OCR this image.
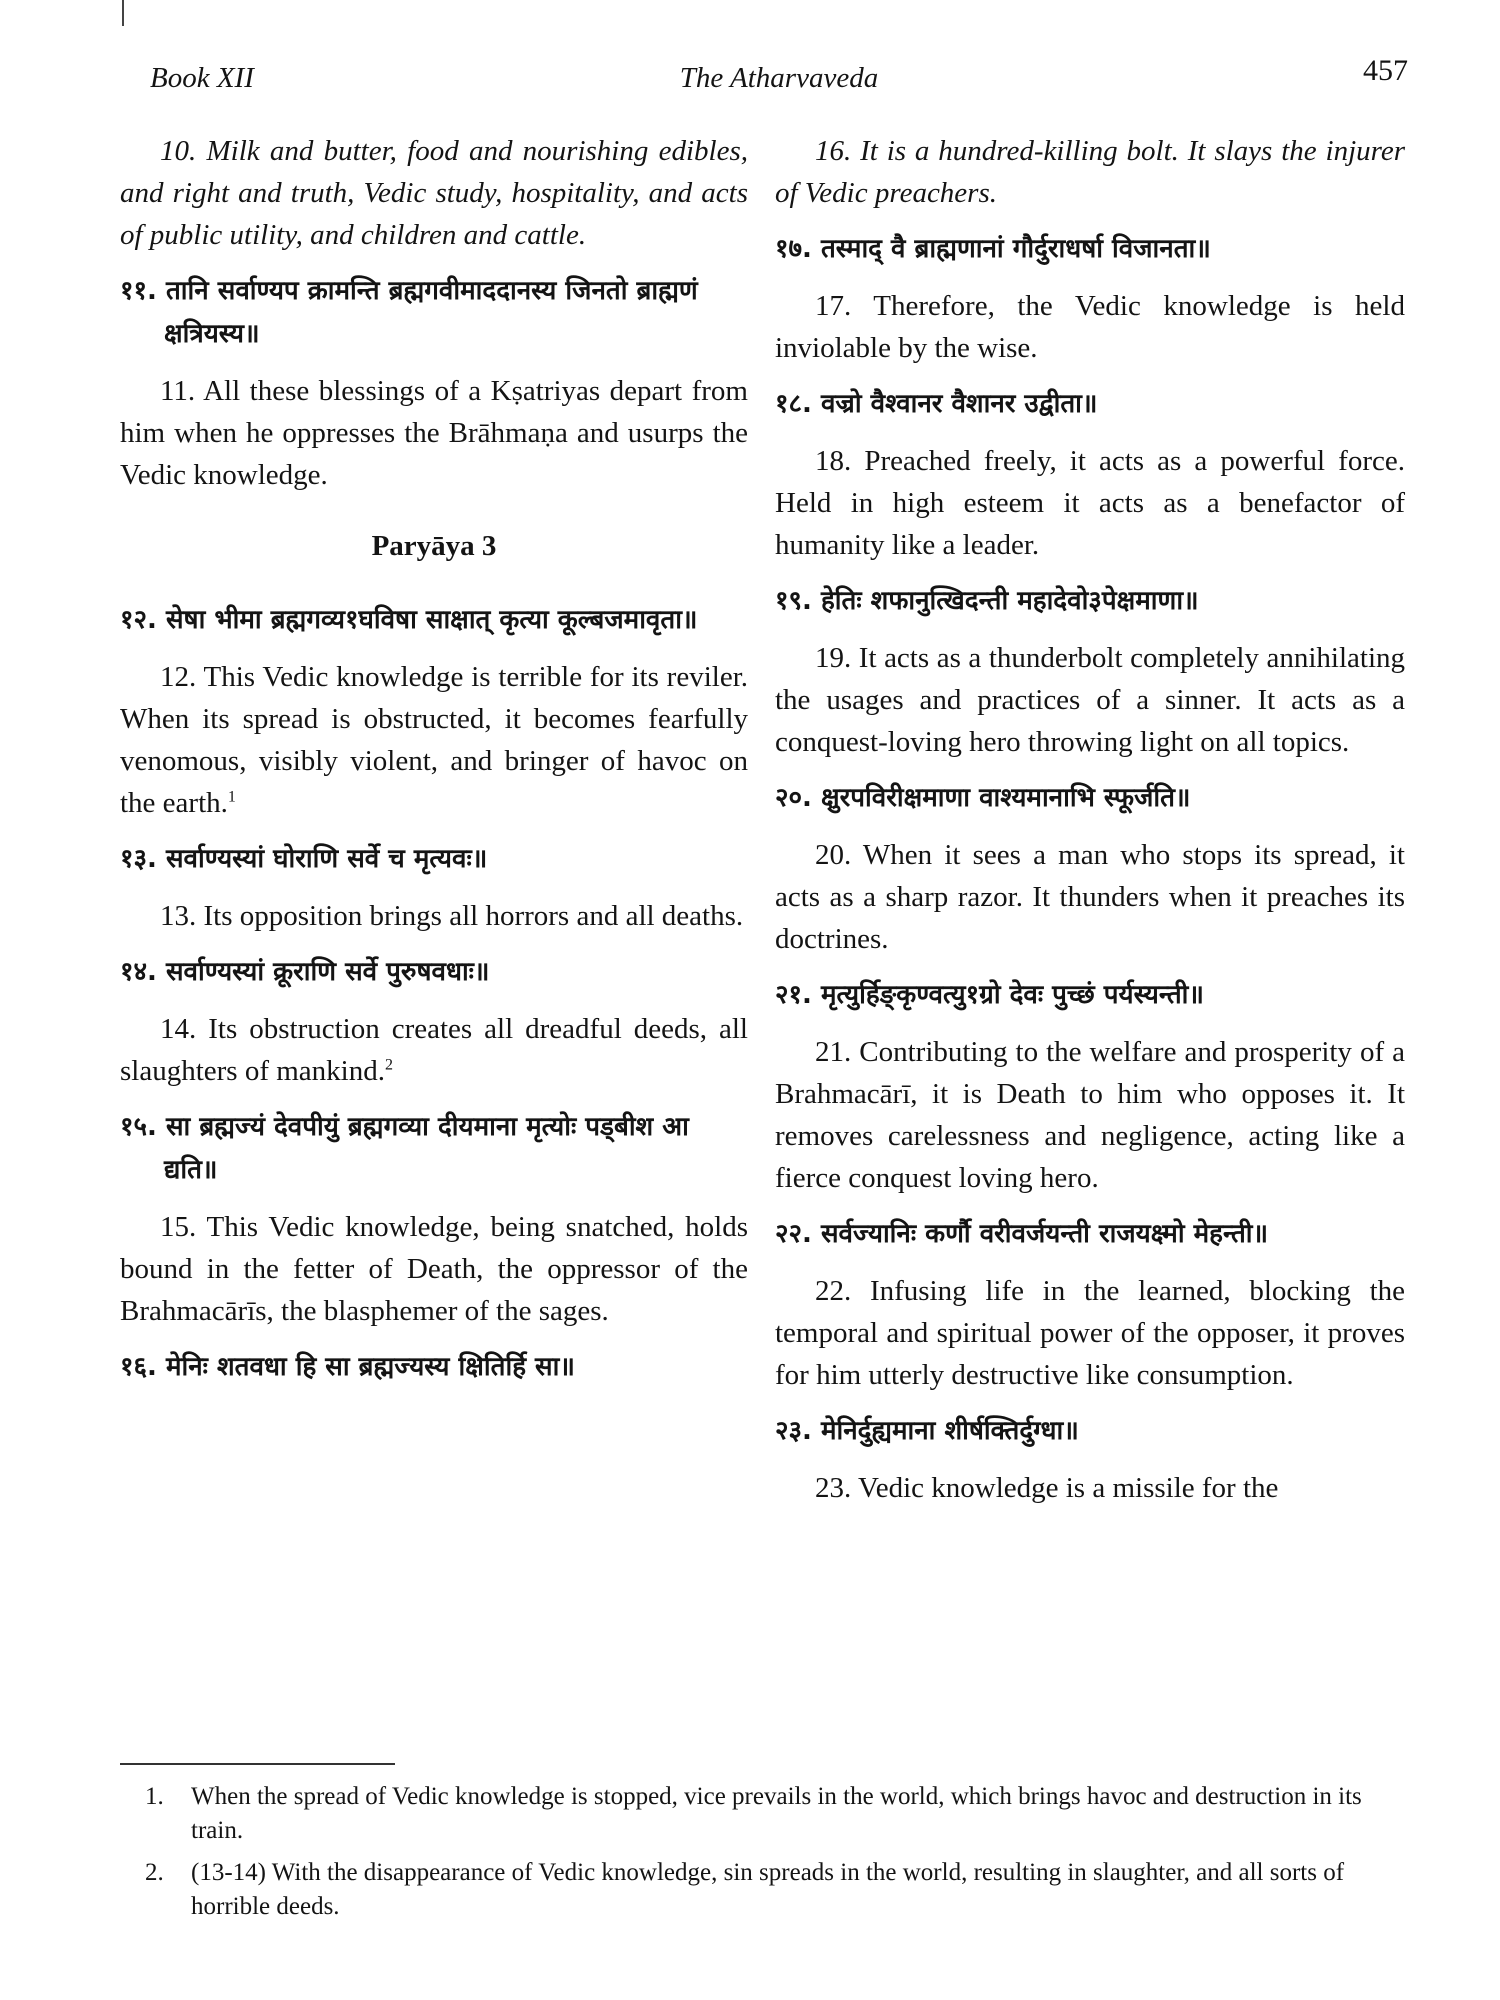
Book XII	The Atharvaveda	457

10. Milk and butter, food and nourishing edibles, and right and truth, Vedic study, hospitality, and acts of public utility, and children and cattle.

११. तानि सर्वाण्यप क्रामन्ति ब्रह्मगवीमाददानस्य जिनतो ब्राह्मणं क्षत्रियस्य॥

11. All these blessings of a Kṣatriyas depart from him when he oppresses the Brāhmaṇa and usurps the Vedic knowledge.

Paryāya 3
१२. सेषा भीमा ब्रह्मगव्य१घविषा साक्षात् कृत्या कूल्बजमावृता॥

12. This Vedic knowledge is terrible for its reviler. When its spread is obstructed, it becomes fearfully venomous, visibly violent, and bringer of havoc on the earth.$^1$

१३. सर्वाण्यस्यां घोराणि सर्वे च मृत्यवः॥

13. Its opposition brings all horrors and all deaths.

१४. सर्वाण्यस्यां क्रूराणि सर्वे पुरुषवधाः॥

14. Its obstruction creates all dreadful deeds, all slaughters of mankind.$^2$

१५. सा ब्रह्मज्यं देवपीयुं ब्रह्मगव्या दीयमाना मृत्योः पड्बीश आ द्यति॥

15. This Vedic knowledge, being snatched, holds bound in the fetter of Death, the oppressor of the Brahmacārīs, the blasphemer of the sages.

१६. मेनिः शतवधा हि सा ब्रह्मज्यस्य क्षितिर्हि सा॥

16. It is a hundred-killing bolt. It slays the injurer of Vedic preachers.

१७. तस्माद् वै ब्राह्मणानां गौर्दुराधर्षा विजानता॥

17. Therefore, the Vedic knowledge is held inviolable by the wise.

१८. वज्रो वैश्वानर वैशानर उद्वीता॥

18. Preached freely, it acts as a powerful force. Held in high esteem it acts as a benefactor of humanity like a leader.

१९. हेतिः शफानुत्खिदन्ती महादेवो३पेक्षमाणा॥

19. It acts as a thunderbolt completely annihilating the usages and practices of a sinner. It acts as a conquest-loving hero throwing light on all topics.

२०. क्षुरपविरीक्षमाणा वाश्यमानाभि स्फूर्जति॥

20. When it sees a man who stops its spread, it acts as a sharp razor. It thunders when it preaches its doctrines.

२१. मृत्युर्हिङ्कृण्वत्यु१ग्रो देवः पुच्छं पर्यस्यन्ती॥

21. Contributing to the welfare and prosperity of a Brahmacārī, it is Death to him who opposes it. It removes carelessness and negligence, acting like a fierce conquest loving hero.

२२. सर्वज्यानिः कर्णौ वरीवर्जयन्ती राजयक्ष्मो मेहन्ती॥

22. Infusing life in the learned, blocking the temporal and spiritual power of the opposer, it proves for him utterly destructive like consumption.

२३. मेनिर्दुह्यमाना शीर्षक्तिर्दुग्धा॥

23. Vedic knowledge is a missile for the

1. When the spread of Vedic knowledge is stopped, vice prevails in the world, which brings havoc and destruction in its train.
2. (13-14) With the disappearance of Vedic knowledge, sin spreads in the world, resulting in slaughter, and all sorts of horrible deeds.
